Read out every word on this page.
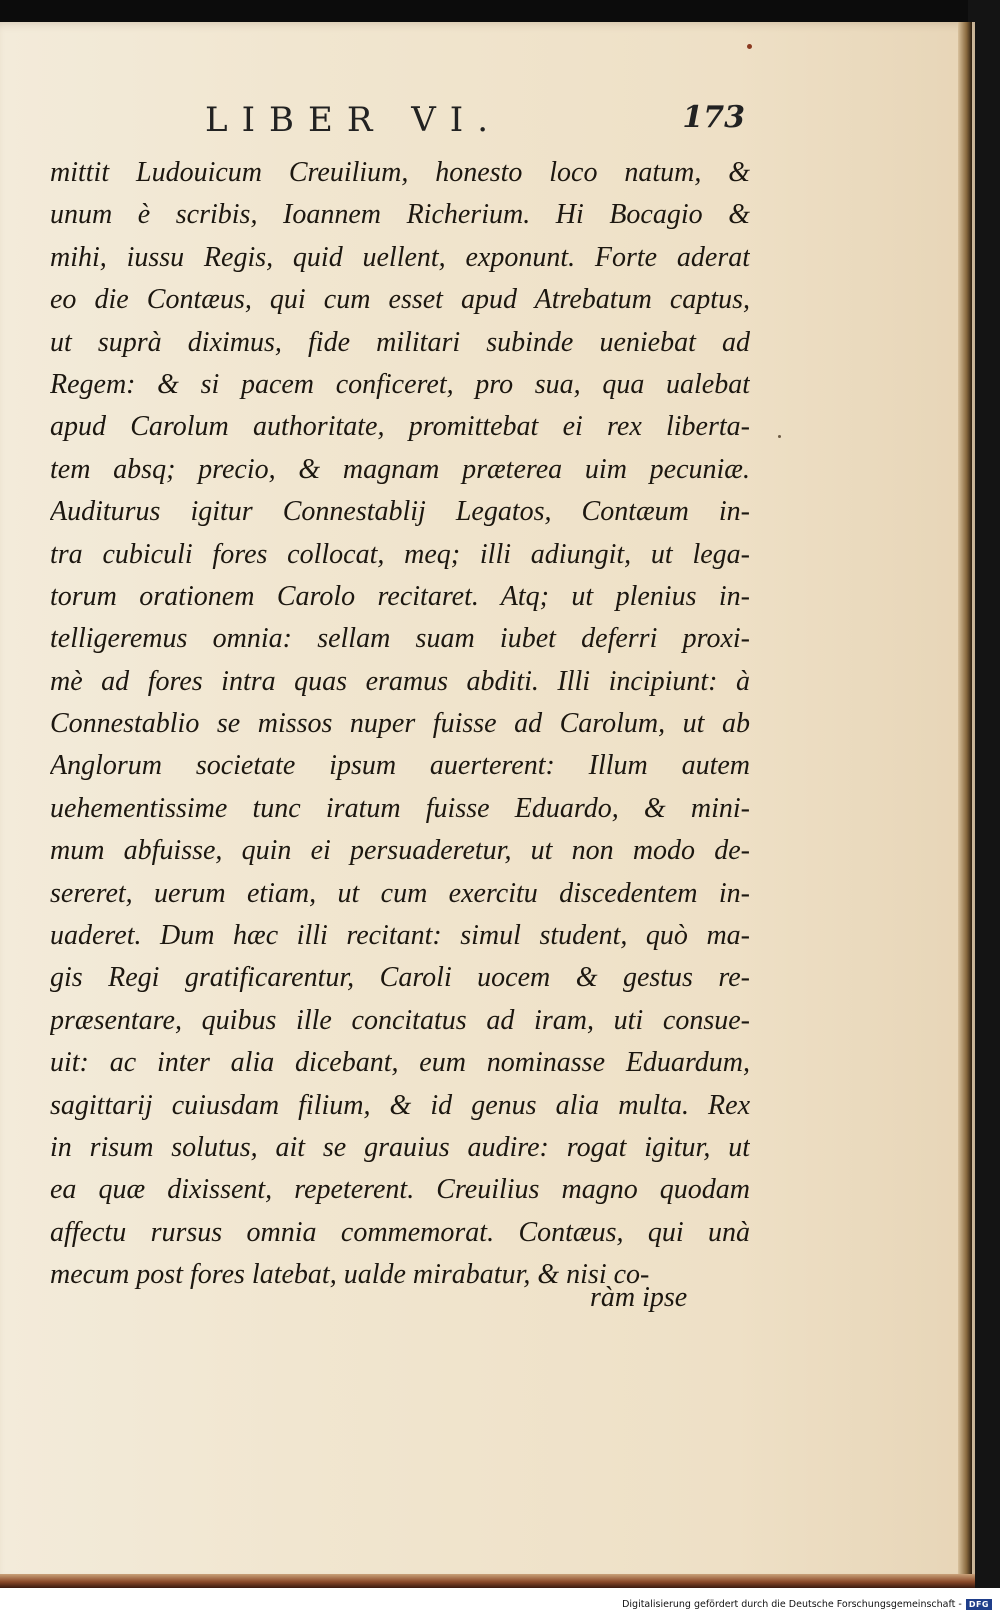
LIBER VI.	173
mittit Ludouicum Creuilium, honesto loco natum, &
unum è scribis, Ioannem Richerium. Hi Bocagio &
mihi, iussu Regis, quid uellent, exponunt. Forte aderat
eo die Contæus, qui cum esset apud Atrebatum captus,
ut suprà diximus, fide militari subinde ueniebat ad
Regem: & si pacem conficeret, pro sua, qua ualebat
apud Carolum authoritate, promittebat ei rex liberta-
tem absq; precio, & magnam præterea uim pecuniæ.
Auditurus igitur Connestablij Legatos, Contæum in-
tra cubiculi fores collocat, meq; illi adiungit, ut lega-
torum orationem Carolo recitaret. Atq; ut plenius in-
telligeremus omnia: sellam suam iubet deferri proxi-
mè ad fores intra quas eramus abditi. Illi incipiunt: à
Connestablio se missos nuper fuisse ad Carolum, ut ab
Anglorum societate ipsum auerterent: Illum autem
uehementissime tunc iratum fuisse Eduardo, & mini-
mum abfuisse, quin ei persuaderetur, ut non modo de-
sereret, uerum etiam, ut cum exercitu discedentem in-
uaderet. Dum hæc illi recitant: simul student, quò ma-
gis Regi gratificarentur, Caroli uocem & gestus re-
præsentare, quibus ille concitatus ad iram, uti consue-
uit: ac inter alia dicebant, eum nominasse Eduardum,
sagittarij cuiusdam filium, & id genus alia multa. Rex
in risum solutus, ait se grauius audire: rogat igitur, ut
ea quæ dixissent, repeterent. Creuilius magno quodam
affectu rursus omnia commemorat. Contæus, qui unà
mecum post fores latebat, ualde mirabatur, & nisi co-
ràm ipse
Digitalisierung gefördert durch die Deutsche Forschungsgemeinschaft - DFG
